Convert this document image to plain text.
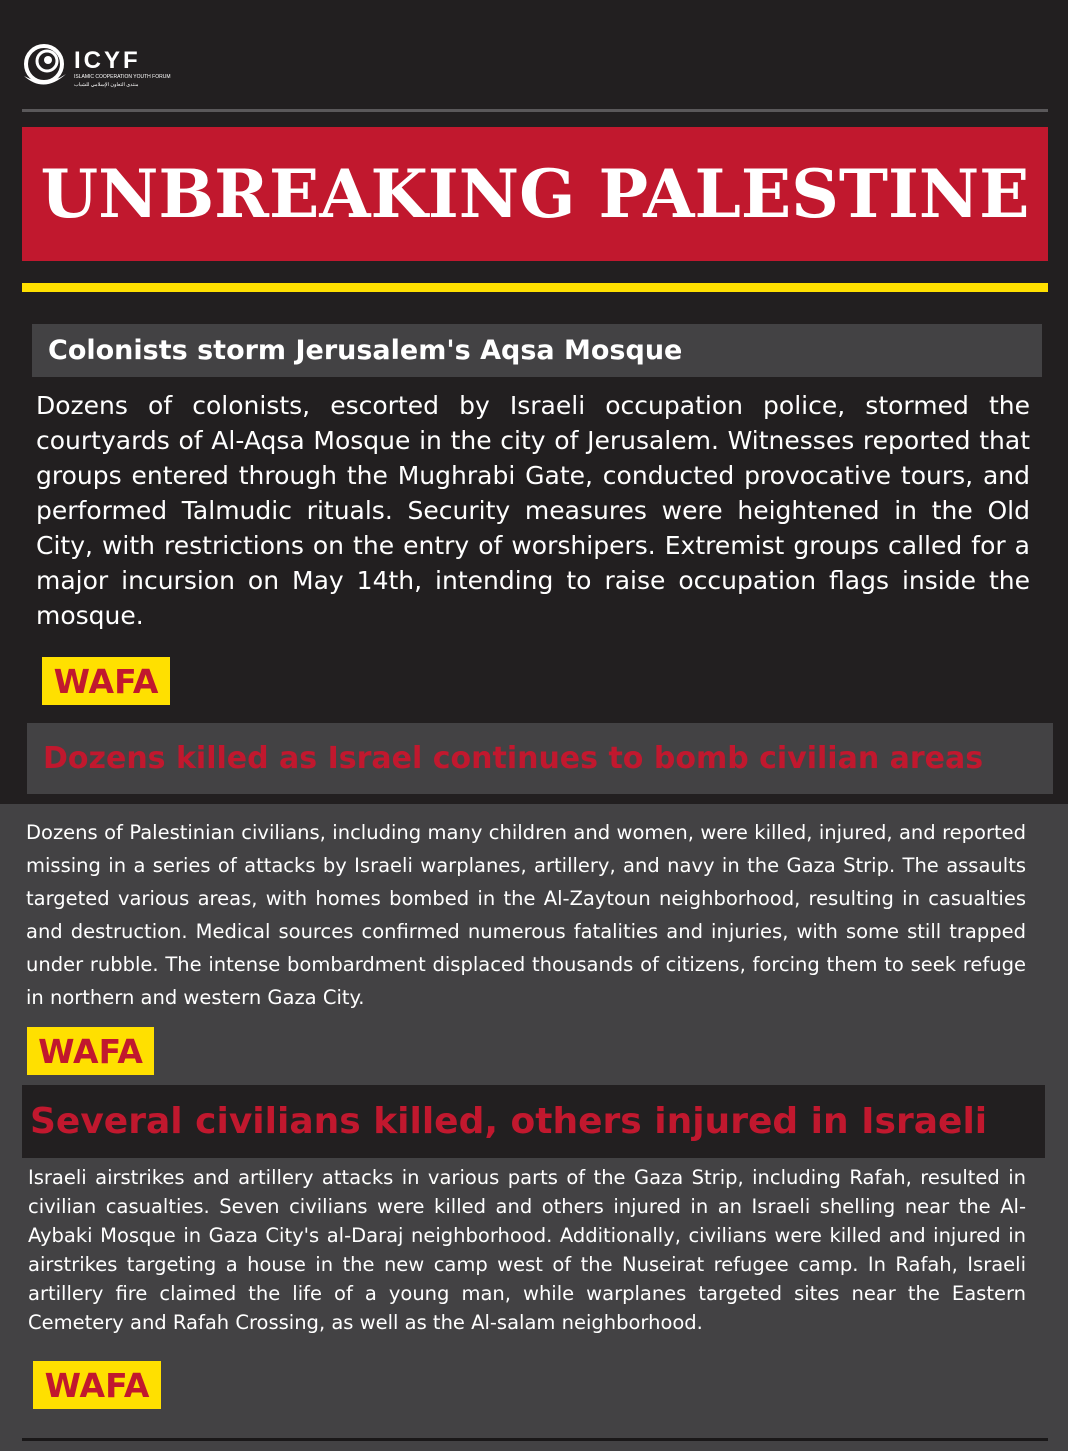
ICYF
ISLAMIC COOPERATION YOUTH FORUM
منتدى التعاون الإسلامي للشباب
UNBREAKING PALESTINE
Colonists storm Jerusalem's Aqsa Mosque

Dozens of colonists, escorted by Israeli occupation police, stormed the courtyards of Al-Aqsa Mosque in the city of Jerusalem. Witnesses reported that groups entered through the Mughrabi Gate, conducted provocative tours, and performed Talmudic rituals. Security measures were heightened in the Old City, with restrictions on the entry of worshipers. Extremist groups called for a major incursion on May 14th, intending to raise occupation flags inside the mosque.

WAFA
Dozens killed as Israel continues to bomb civilian areas

Dozens of Palestinian civilians, including many children and women, were killed, injured, and reported missing in a series of attacks by Israeli warplanes, artillery, and navy in the Gaza Strip. The assaults targeted various areas, with homes bombed in the Al-Zaytoun neighborhood, resulting in casualties and destruction. Medical sources confirmed numerous fatalities and injuries, with some still trapped under rubble. The intense bombardment displaced thousands of citizens, forcing them to seek refuge in northern and western Gaza City.

WAFA
Several civilians killed, others injured in Israeli

Israeli airstrikes and artillery attacks in various parts of the Gaza Strip, including Rafah, resulted in civilian casualties. Seven civilians were killed and others injured in an Israeli shelling near the Al-Aybaki Mosque in Gaza City's al-Daraj neighborhood. Additionally, civilians were killed and injured in airstrikes targeting a house in the new camp west of the Nuseirat refugee camp. In Rafah, Israeli artillery fire claimed the life of a young man, while warplanes targeted sites near the Eastern Cemetery and Rafah Crossing, as well as the Al-salam neighborhood.

WAFA
